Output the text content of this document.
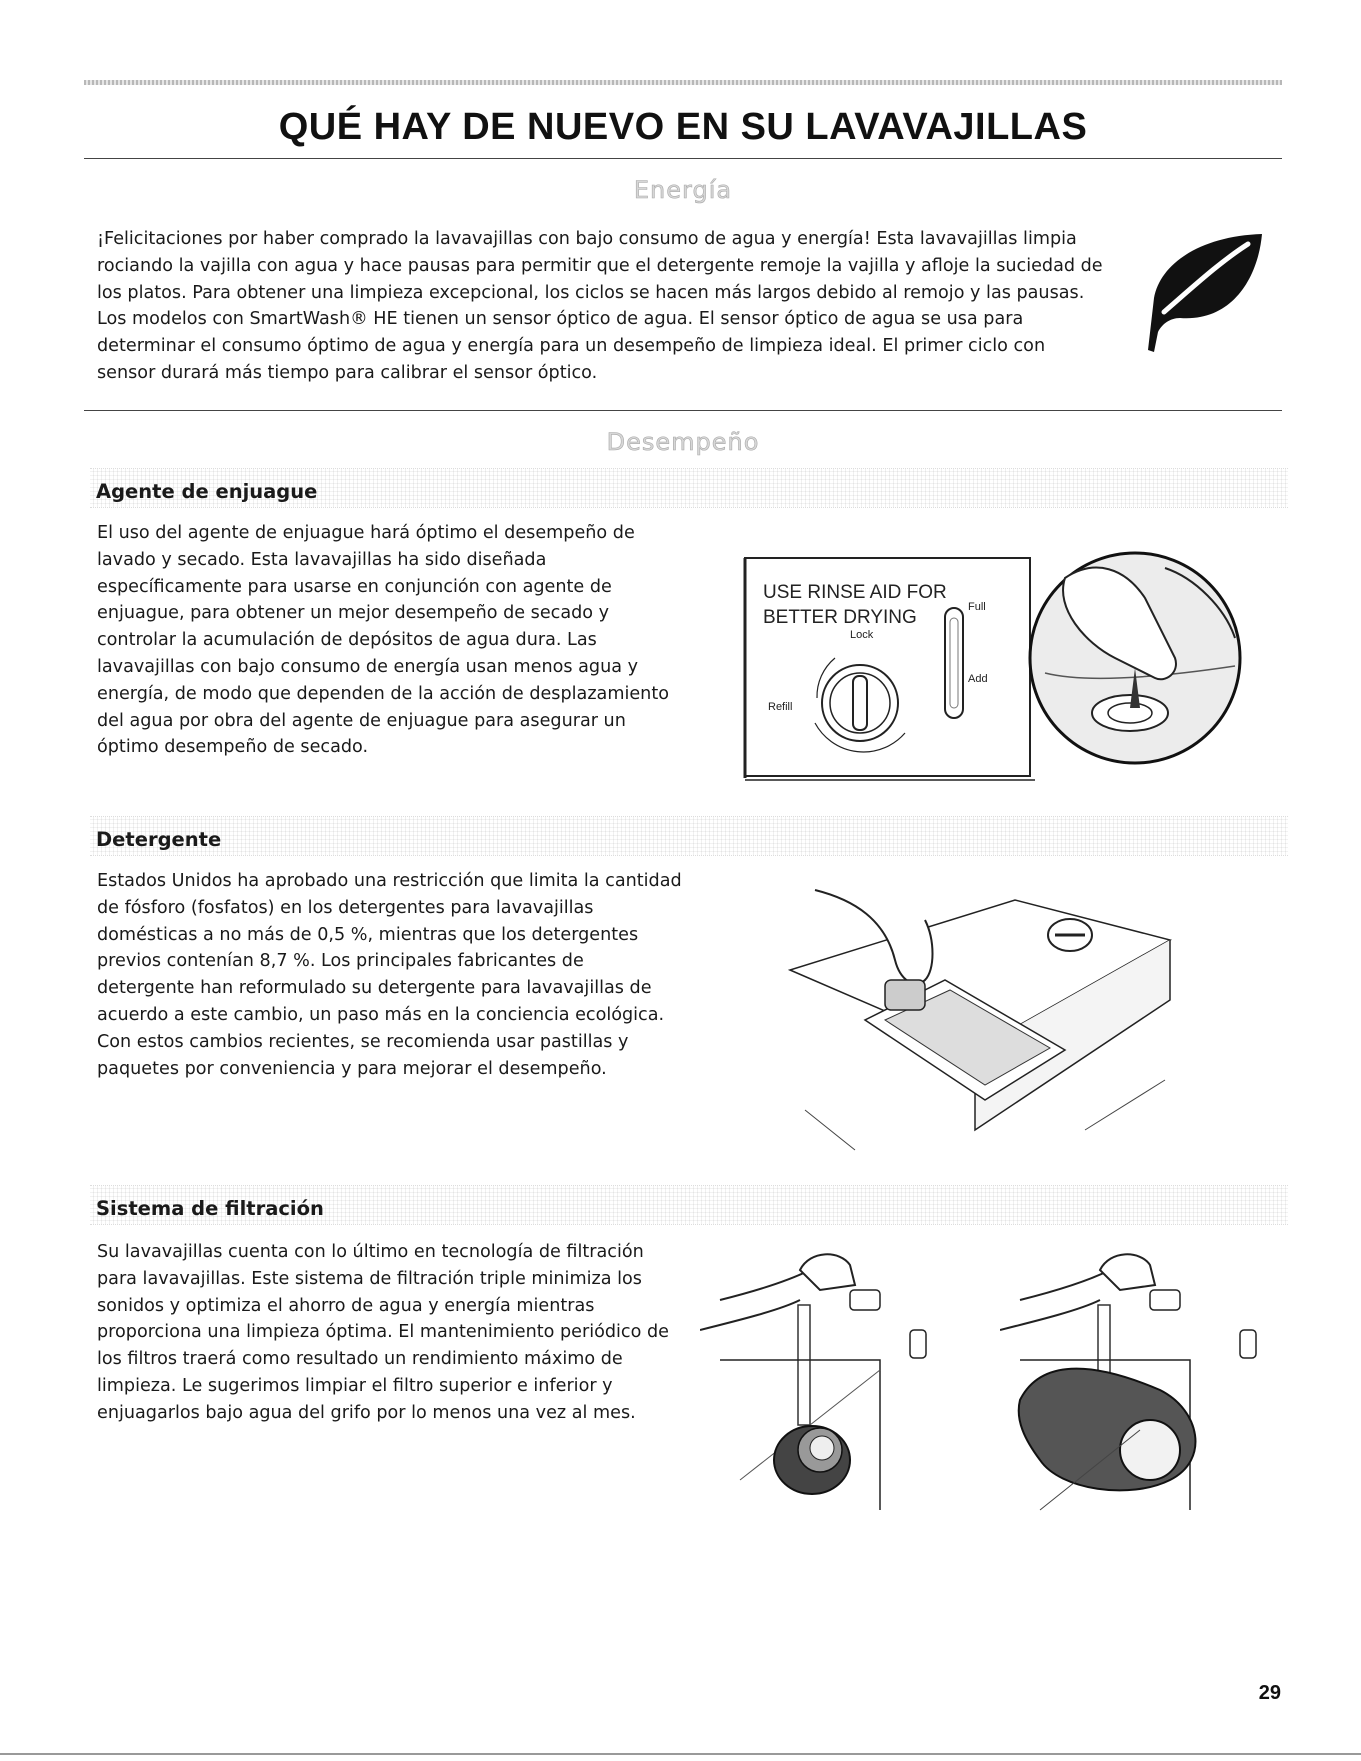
QUÉ HAY DE NUEVO EN SU LAVAVAJILLAS
Energía

¡Felicitaciones por haber comprado la lavavajillas con bajo consumo de agua y energía! Esta lavavajillas limpia rociando la vajilla con agua y hace pausas para permitir que el detergente remoje la vajilla y afloje la suciedad de los platos. Para obtener una limpieza excepcional, los ciclos se hacen más largos debido al remojo y las pausas. Los modelos con SmartWash® HE tienen un sensor óptico de agua. El sensor óptico de agua se usa para determinar el consumo óptimo de agua y energía para un desempeño de limpieza ideal. El primer ciclo con sensor durará más tiempo para calibrar el sensor óptico.

Desempeño
Agente de enjuague

El uso del agente de enjuague hará óptimo el desempeño de lavado y secado. Esta lavavajillas ha sido diseñada específicamente para usarse en conjunción con agente de enjuague, para obtener un mejor desempeño de secado y controlar la acumulación de depósitos de agua dura. Las lavavajillas con bajo consumo de energía usan menos agua y energía, de modo que dependen de la acción de desplazamiento del agua por obra del agente de enjuague para asegurar un óptimo desempeño de secado.

USE RINSE AID FOR
BETTER DRYING	Full
Add
Lock
Refill
Detergente

Estados Unidos ha aprobado una restricción que limita la cantidad de fósforo (fosfatos) en los detergentes para lavavajillas domésticas a no más de 0,5 %, mientras que los detergentes previos contenían 8,7 %. Los principales fabricantes de detergente han reformulado su detergente para lavavajillas de acuerdo a este cambio, un paso más en la conciencia ecológica. Con estos cambios recientes, se recomienda usar pastillas y paquetes por conveniencia y para mejorar el desempeño.

Sistema de filtración

Su lavavajillas cuenta con lo último en tecnología de filtración para lavavajillas. Este sistema de filtración triple minimiza los sonidos y optimiza el ahorro de agua y energía mientras proporciona una limpieza óptima. El mantenimiento periódico de los filtros traerá como resultado un rendimiento máximo de limpieza. Le sugerimos limpiar el filtro superior e inferior y enjuagarlos bajo agua del grifo por lo menos una vez al mes.

29
